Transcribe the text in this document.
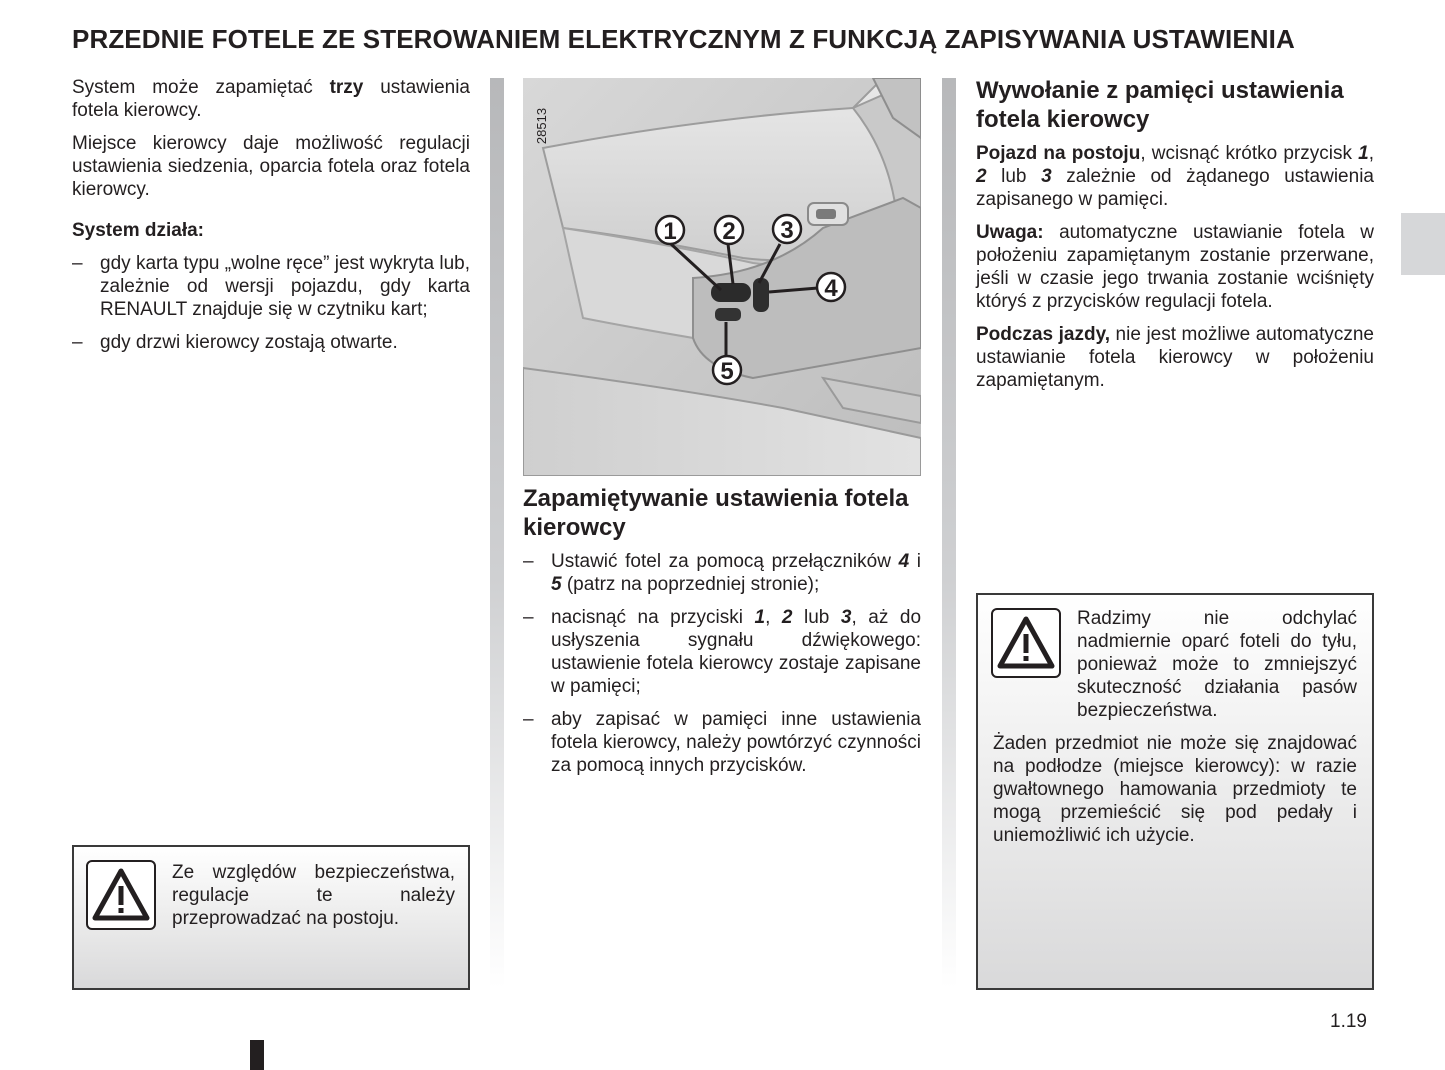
PRZEDNIE FOTELE ZE STEROWANIEM ELEKTRYCZNYM Z FUNKCJĄ ZAPISYWANIA USTAWIENIA

System może zapamiętać trzy ustawienia fotela kierowcy.

Miejsce kierowcy daje możliwość regulacji ustawienia siedzenia, oparcia fotela oraz fotela kierowcy.

System działa:

– gdy karta typu „wolne ręce” jest wykryta lub, zależnie od wersji pojazdu, gdy karta RENAULT znajduje się w czytniku kart;
– gdy drzwi kierowcy zostają otwarte.
Ze względów bezpieczeństwa, regulacje te należy przeprowadzać na postoju.
1 2 3
4
5
28513
Zapamiętywanie ustawienia fotela kierowcy
– Ustawić fotel za pomocą przełączników 4 i 5 (patrz na poprzedniej stronie);
– nacisnąć na przyciski 1, 2 lub 3, aż do usłyszenia sygnału dźwiękowego: ustawienie fotela kierowcy zostaje zapisane w pamięci;
– aby zapisać w pamięci inne ustawienia fotela kierowcy, należy powtórzyć czynności za pomocą innych przycisków.
Wywołanie z pamięci ustawienia fotela kierowcy

Pojazd na postoju, wcisnąć krótko przycisk 1, 2 lub 3 zależnie od żądanego ustawienia zapisanego w pamięci.

Uwaga: automatyczne ustawianie fotela w położeniu zapamiętanym zostanie przerwane, jeśli w czasie jego trwania zostanie wciśnięty któryś z przycisków regulacji fotela.

Podczas jazdy, nie jest możliwe automatyczne ustawianie fotela kierowcy w położeniu zapamiętanym.

Radzimy nie odchylać nadmiernie oparć foteli do tyłu, ponieważ może to zmniejszyć skuteczność działania pasów bezpieczeństwa.

Żaden przedmiot nie może się znajdować na podłodze (miejsce kierowcy): w razie gwałtownego hamowania przedmioty te mogą przemieścić się pod pedały i uniemożliwić ich użycie.

1.19
